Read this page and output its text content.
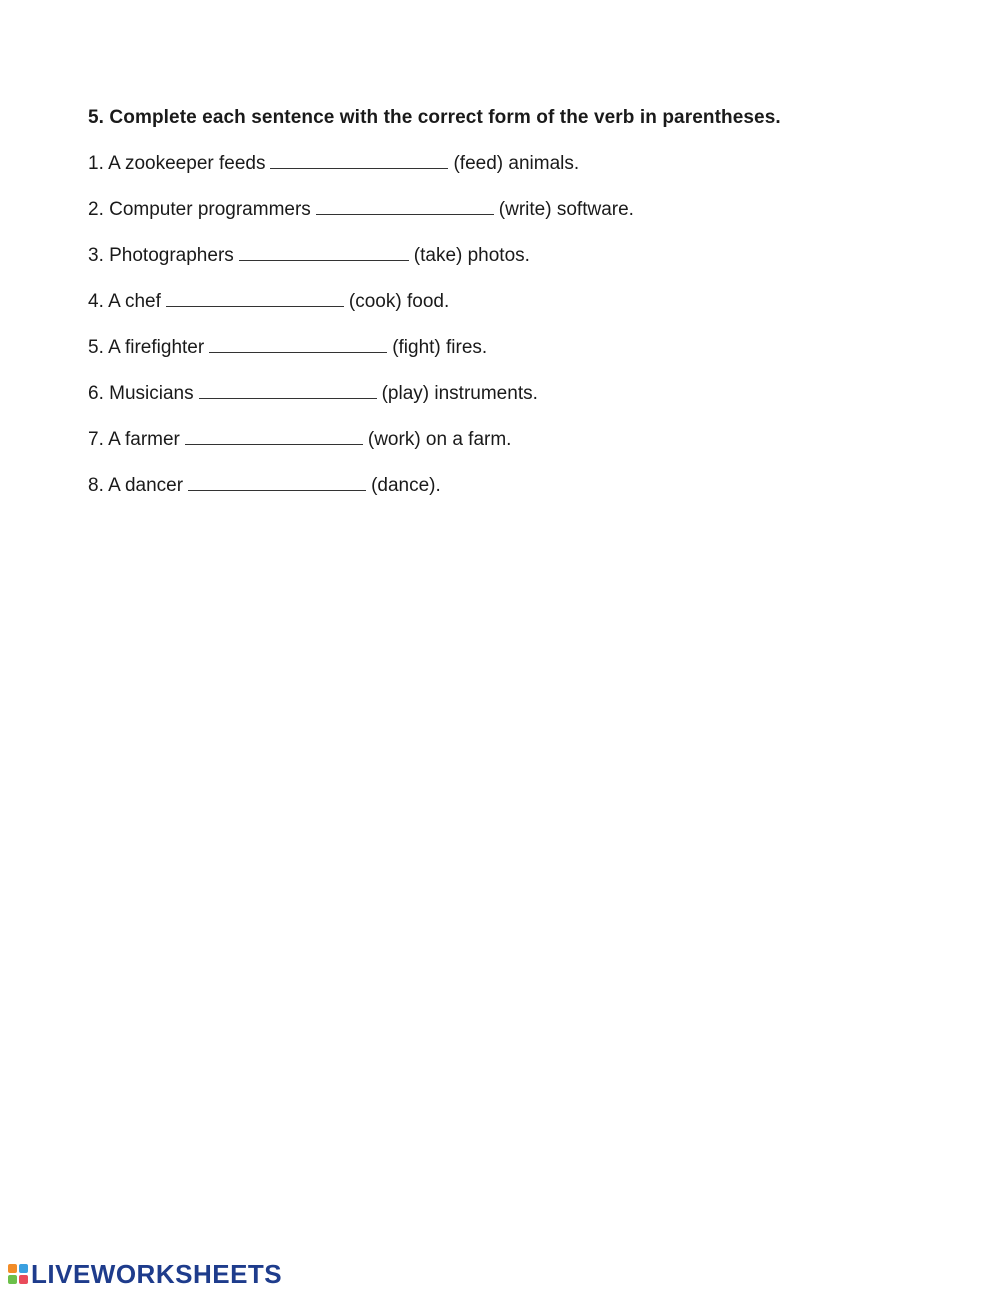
5. Complete each sentence with the correct form of the verb in parentheses.

1. A zookeeper feeds	(feed) animals.
2. Computer programmers	(write) software.
3. Photographers	(take) photos.
4. A chef	(cook) food.
5. A firefighter	(fight) fires.
6. Musicians	(play) instruments.
7. A farmer	(work) on a farm.
8. A dancer	(dance).
LIVEWORKSHEETS
